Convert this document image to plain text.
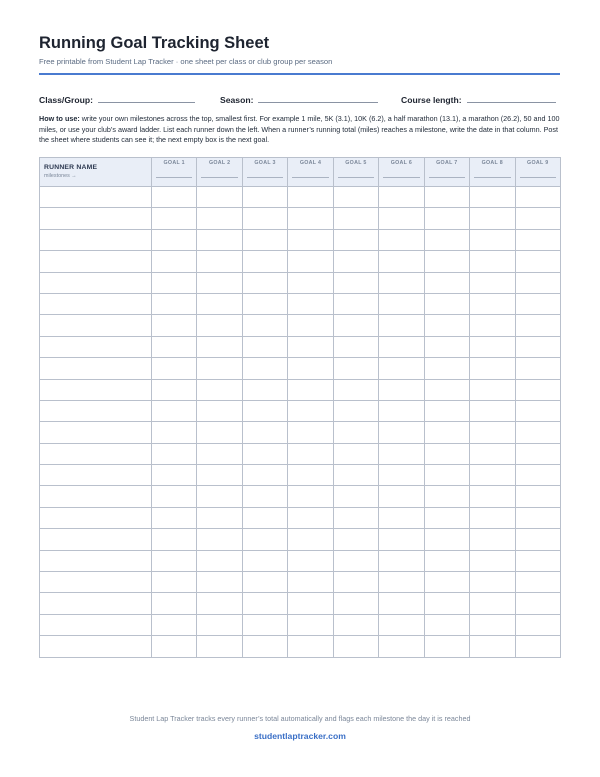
Running Goal Tracking Sheet
Free printable from Student Lap Tracker · one sheet per class or club group per season
Class/Group:	Season:	Course length:
How to use: write your own milestones across the top, smallest first. For example 1 mile, 5K (3.1), 10K (6.2), a half marathon (13.1), a marathon (26.2), 50 and 100 miles, or use your club’s award ladder. List each runner down the left. When a runner’s running total (miles) reaches a milestone, write the date in that column. Post the sheet where students can see it; the next empty box is the next goal.
RUNNER NAME
milestones →	GOAL 1	GOAL 2	GOAL 3	GOAL 4	GOAL 5	GOAL 6	GOAL 7	GOAL 8	GOAL 9

Student Lap Tracker tracks every runner’s total automatically and flags each milestone the day it is reached
studentlaptracker.com
